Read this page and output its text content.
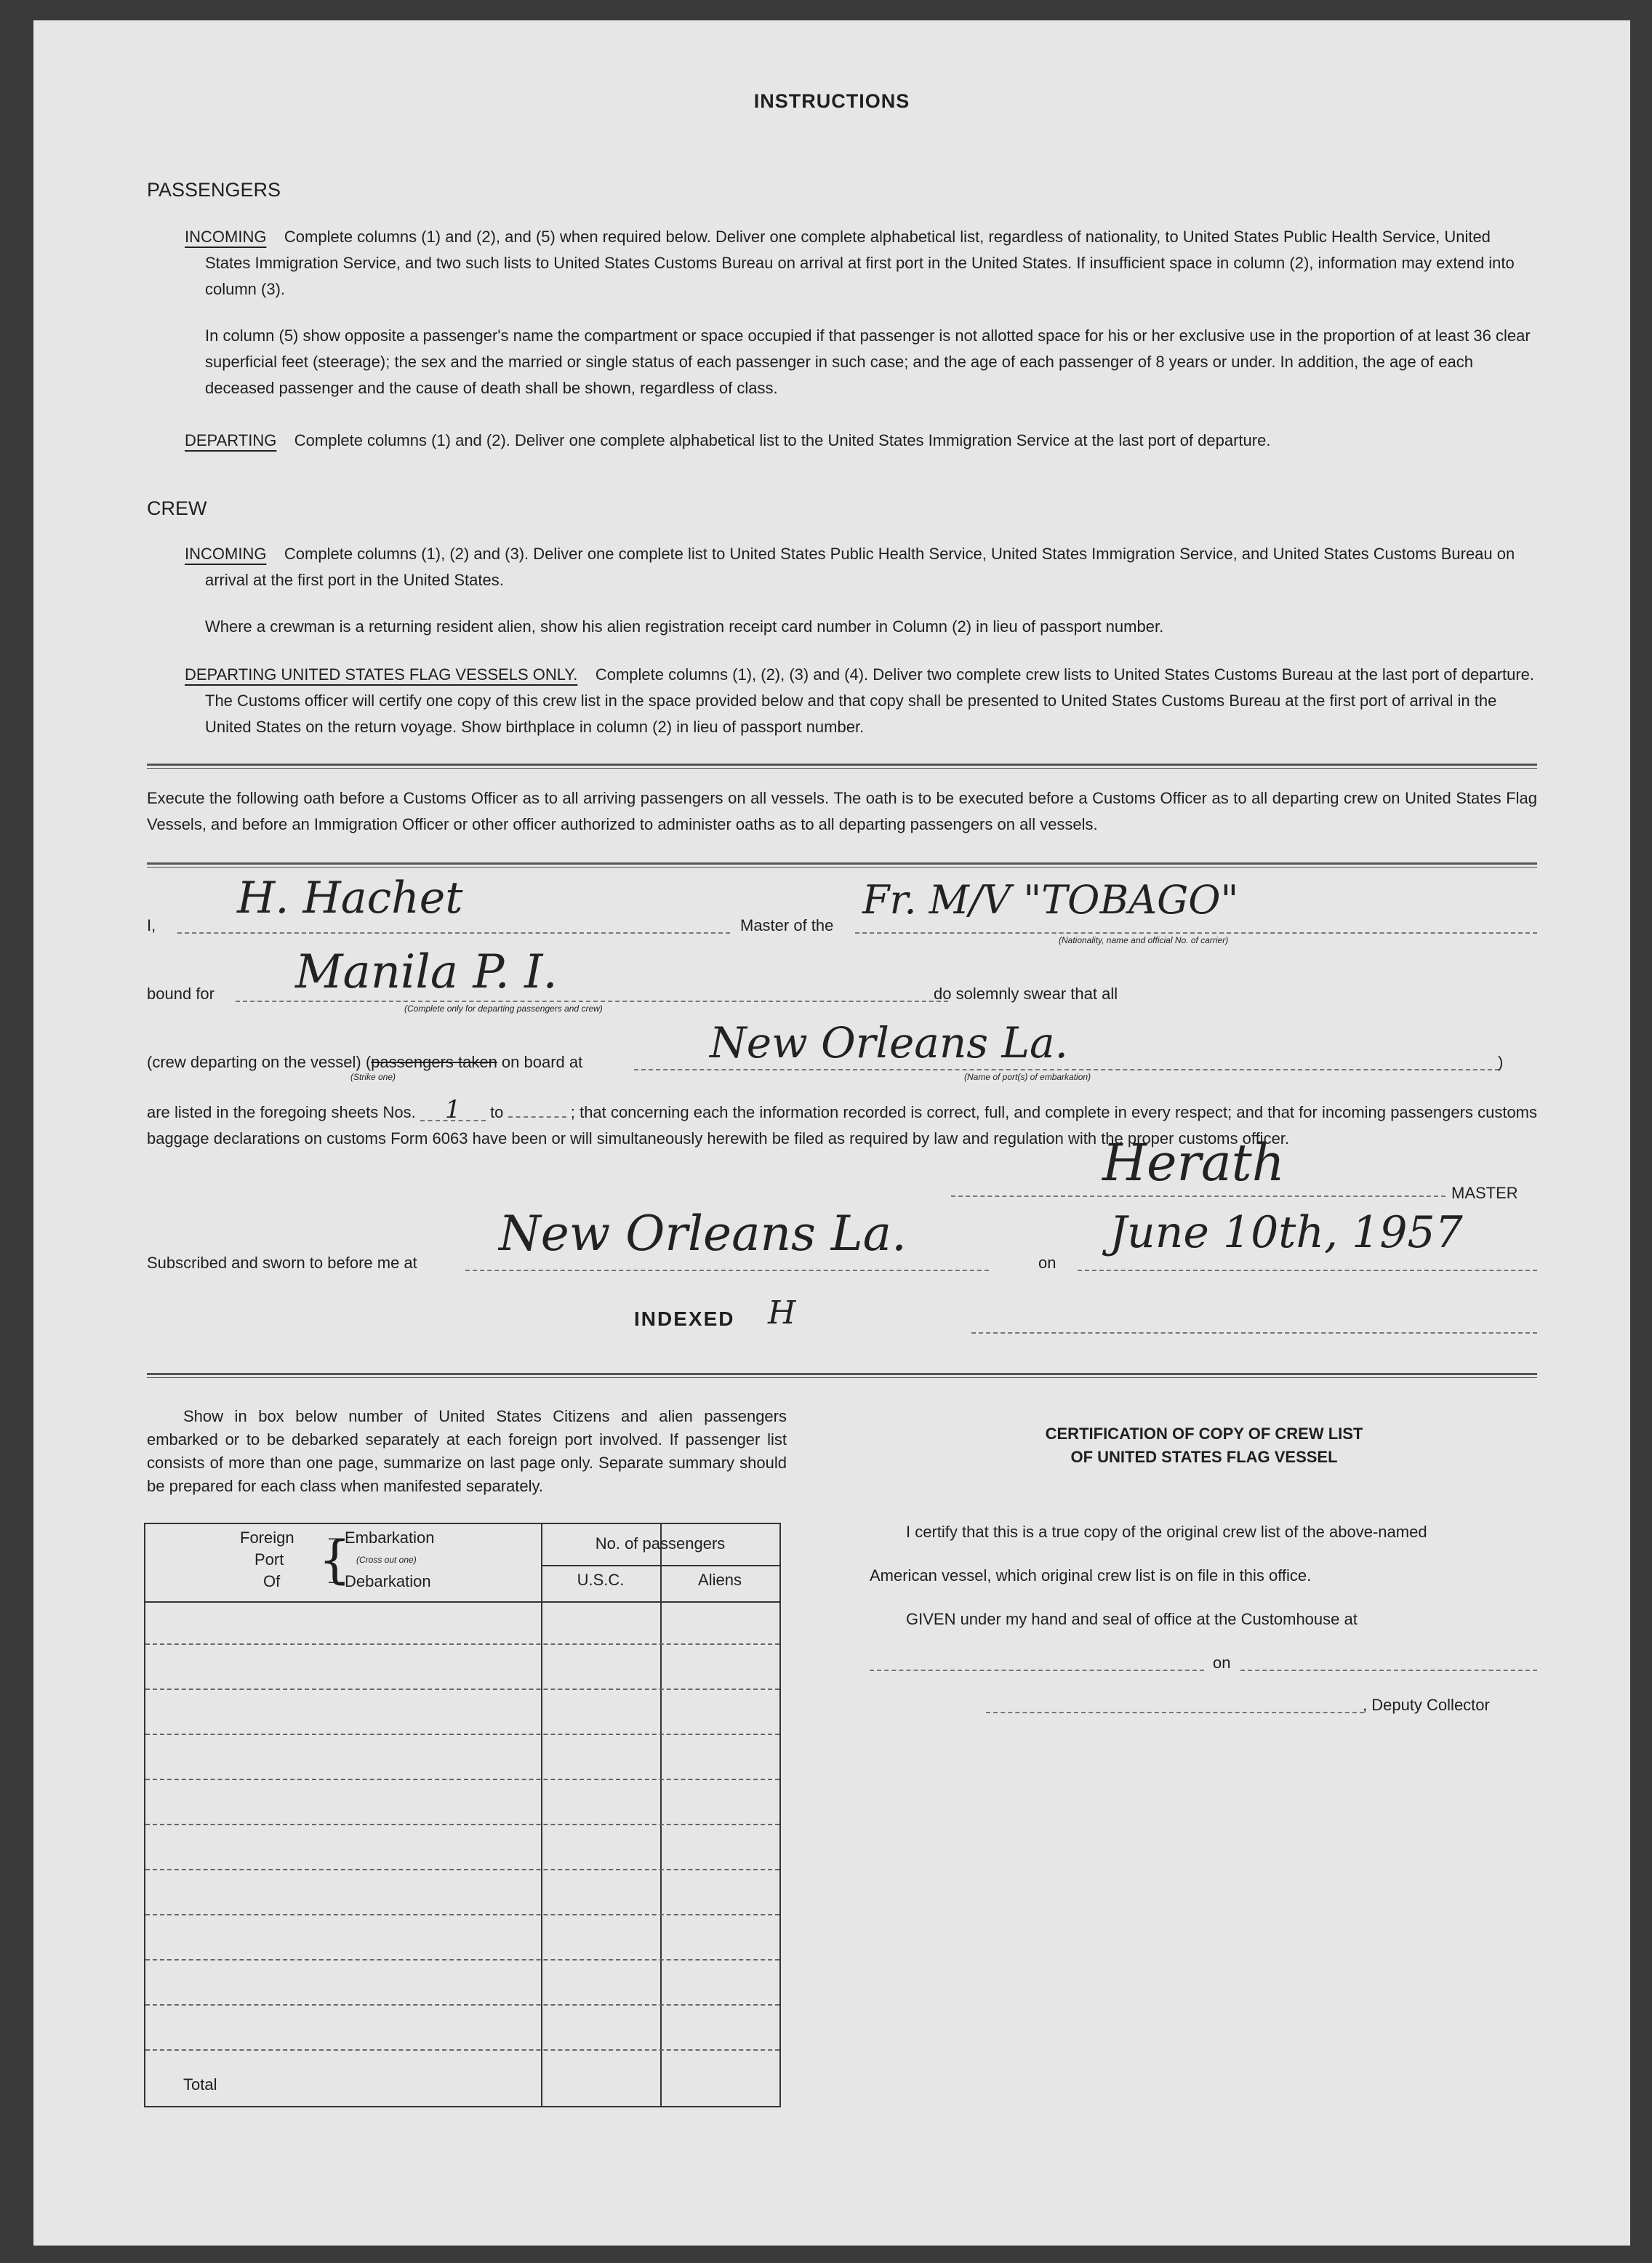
INSTRUCTIONS
PASSENGERS
INCOMING Complete columns (1) and (2), and (5) when required below. Deliver one complete alphabetical list, regardless of nationality, to United States Public Health Service, United States Immigration Service, and two such lists to United States Customs Bureau on arrival at first port in the United States. If insufficient space in column (2), information may extend into column (3).
In column (5) show opposite a passenger's name the compartment or space occupied if that passenger is not allotted space for his or her exclusive use in the proportion of at least 36 clear superficial feet (steerage); the sex and the married or single status of each passenger in such case; and the age of each passenger of 8 years or under. In addition, the age of each deceased passenger and the cause of death shall be shown, regardless of class.
DEPARTING Complete columns (1) and (2). Deliver one complete alphabetical list to the United States Immigration Service at the last port of departure.
CREW
INCOMING Complete columns (1), (2) and (3). Deliver one complete list to United States Public Health Service, United States Immigration Service, and United States Customs Bureau on arrival at the first port in the United States.
Where a crewman is a returning resident alien, show his alien registration receipt card number in Column (2) in lieu of passport number.
DEPARTING UNITED STATES FLAG VESSELS ONLY. Complete columns (1), (2), (3) and (4). Deliver two complete crew lists to United States Customs Bureau at the last port of departure. The Customs officer will certify one copy of this crew list in the space provided below and that copy shall be presented to United States Customs Bureau at the first port of arrival in the United States on the return voyage. Show birthplace in column (2) in lieu of passport number.
Execute the following oath before a Customs Officer as to all arriving passengers on all vessels. The oath is to be executed before a Customs Officer as to all departing crew on United States Flag Vessels, and before an Immigration Officer or other officer authorized to administer oaths as to all departing passengers on all vessels.
I,
H. Hachet
Master of the
Fr. M/V "TOBAGO"
(Nationality, name and official No. of carrier)
bound for Manila P. I.
(Complete only for departing passengers and crew)
do solemnly swear that all
(crew departing on the vessel) (passengers taken on board at
(Strike one)
New Orleans La.
(Name of port(s) of embarkation)
)
are listed in the foregoing sheets Nos. 1 to	; that concerning each the information recorded is correct, full, and complete in every respect; and that for incoming passengers customs baggage declarations on customs Form 6063 have been or will simultaneously herewith be filed as required by law and regulation with the proper customs officer.
Herath
MASTER
Subscribed and sworn to before me at
New Orleans La.
on
June 10th, 1957
INDEXED H
Show in box below number of United States Citizens and alien passengers embarked or to be debarked separately at each foreign port involved. If passenger list consists of more than one page, summarize on last page only. Separate summary should be prepared for each class when manifested separately.
Foreign
Port
Of {
—Embarkation
(Cross out one)
—Debarkation
No. of passengers
U.S.C.	Aliens
Total
CERTIFICATION OF COPY OF CREW LIST
OF UNITED STATES FLAG VESSEL
I certify that this is a true copy of the original crew list of the above-named
American vessel, which original crew list is on file in this office.
GIVEN under my hand and seal of office at the Customhouse at
on
, Deputy Collector
